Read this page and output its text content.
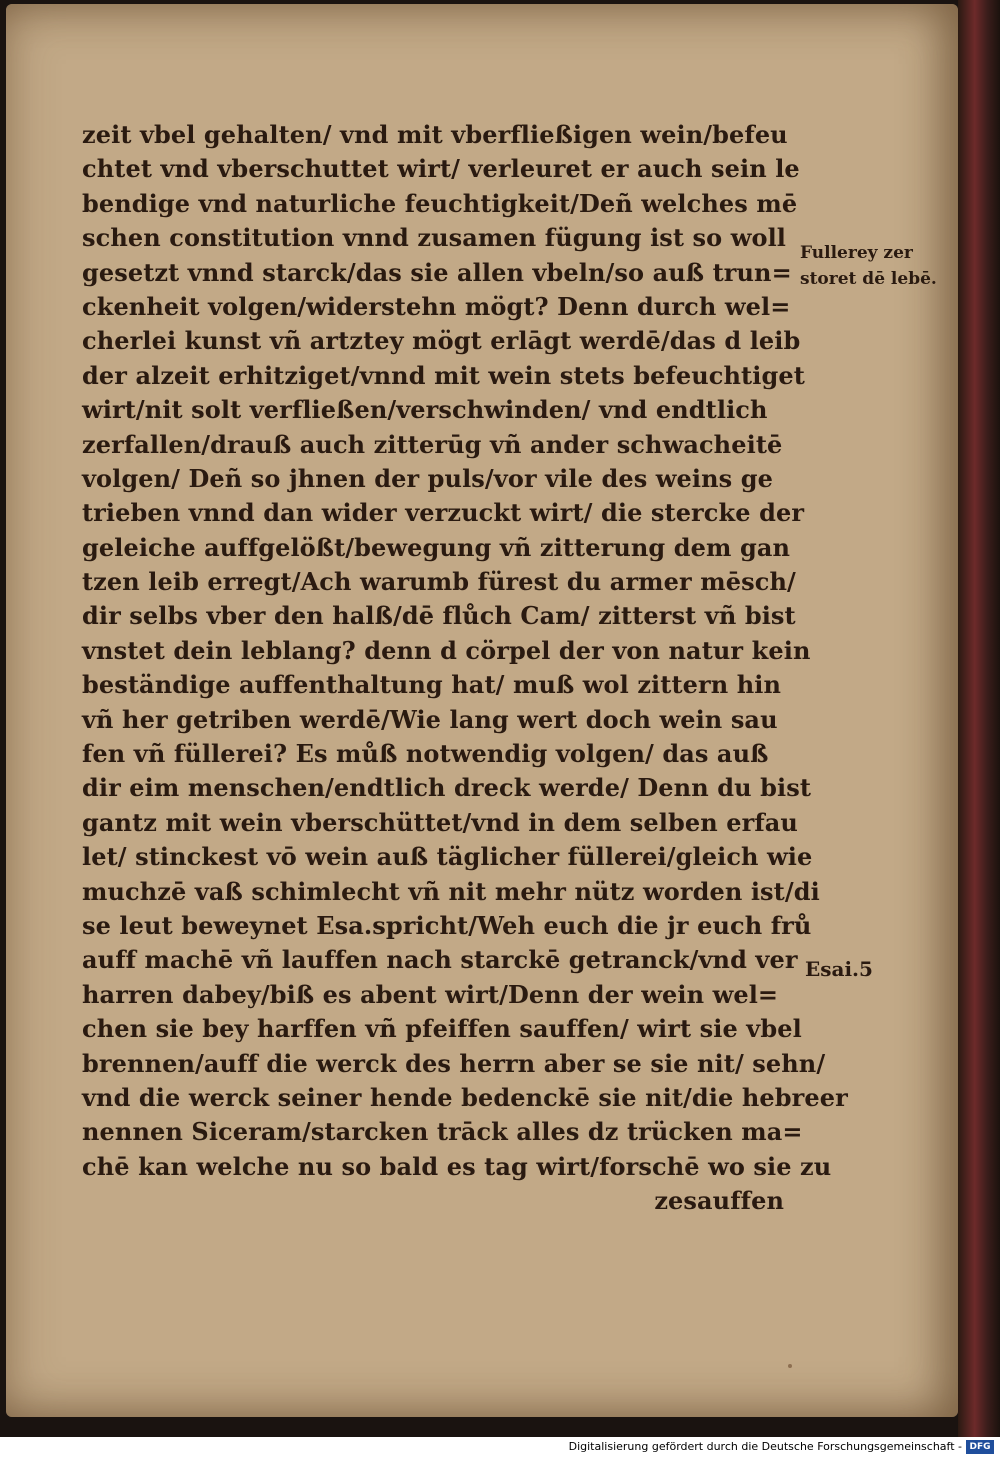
zeit vbel gehalten/ vnd mit vberfließigen wein/befeu
chtet vnd vberschuttet wirt/ verleuret er auch sein le
bendige vnd naturliche feuchtigkeit/Deñ welches mē
schen constitution vnnd zusamen fügung ist so woll
gesetzt vnnd starck/das sie allen vbeln/so auß trun=
ckenheit volgen/widerstehn mögt? Denn durch wel=
cherlei kunst vñ artztey mögt erlāgt werdē/das d leib
der alzeit erhitziget/vnnd mit wein stets befeuchtiget
wirt/nit solt verfließen/verschwinden/ vnd endtlich
zerfallen/drauß auch zitterūg vñ ander schwacheitē
volgen/ Deñ so jhnen der puls/vor vile des weins ge
trieben vnnd dan wider verzuckt wirt/ die stercke der
geleiche auffgelößt/bewegung vñ zitterung dem gan
tzen leib erregt/Ach warumb fürest du armer mēsch/
dir selbs vber den halß/dē flůch Cam/ zitterst vñ bist
vnstet dein leblang? denn d cörpel der von natur kein
beständige auffenthaltung hat/ muß wol zittern hin
vñ her getriben werdē/Wie lang wert doch wein sau
fen vñ füllerei? Es můß notwendig volgen/ das auß
dir eim menschen/endtlich dreck werde/ Denn du bist
gantz mit wein vberschüttet/vnd in dem selben erfau
let/ stinckest vō wein auß täglicher füllerei/gleich wie
muchzē vaß schimlecht vñ nit mehr nütz worden ist/di
se leut beweynet Esa.spricht/Weh euch die jr euch frů
auff machē vñ lauffen nach starckē getranck/vnd ver
harren dabey/biß es abent wirt/Denn der wein wel=
chen sie bey harffen vñ pfeiffen sauffen/ wirt sie vbel
brennen/auff die werck des herrn aber se sie nit/ sehn/
vnd die werck seiner hende bedenckē sie nit/die hebreer
nennen Siceram/starcken trāck alles dz trücken ma=
chē kan welche nu so bald es tag wirt/forschē wo sie zu
zesauffen
Fullerey zer
storet dē lebē.
Esai.5
Digitalisierung gefördert durch die Deutsche Forschungsgemeinschaft - DFG
